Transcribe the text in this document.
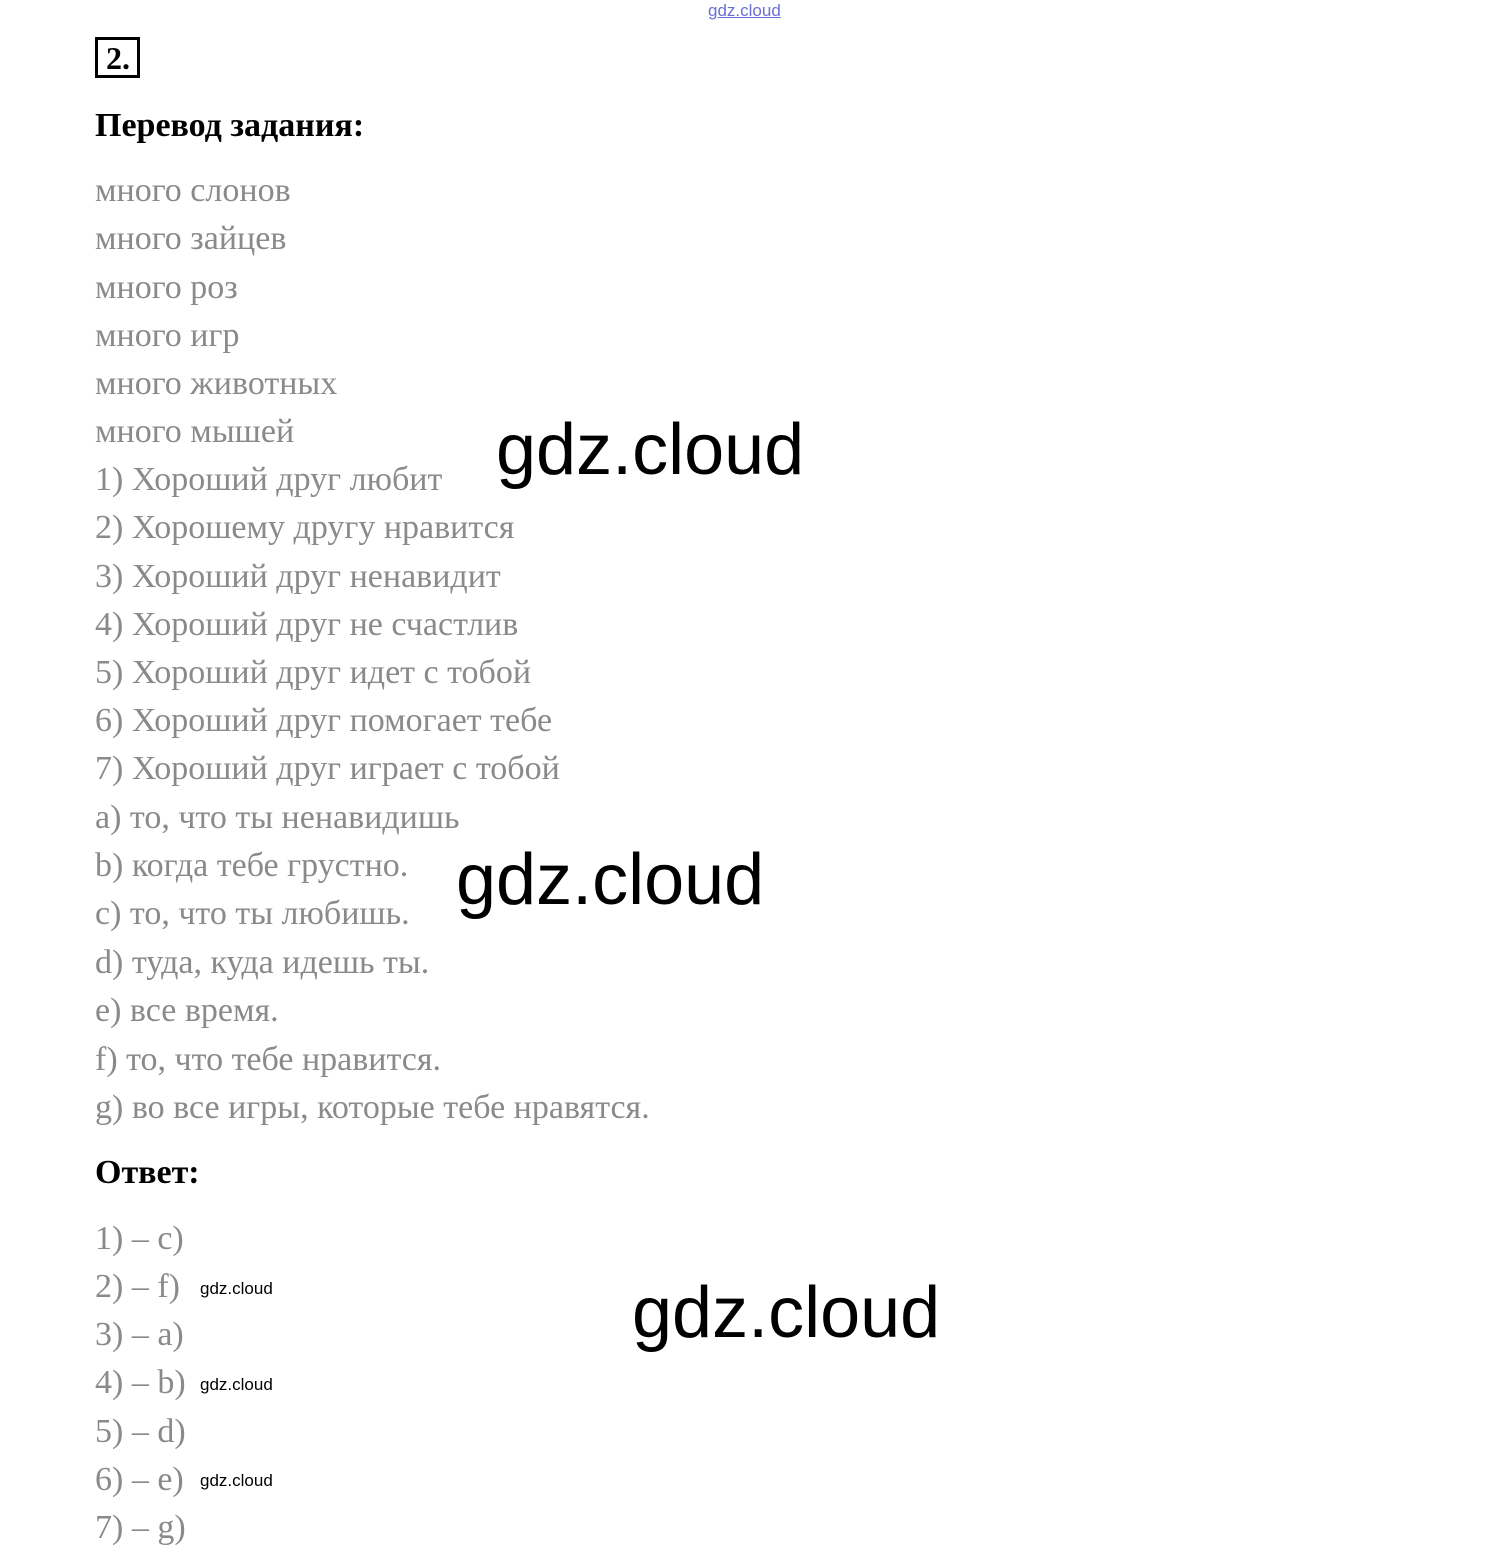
gdz.cloud
2.
Перевод задания:
много слонов
много зайцев
много роз
много игр
много животных
много мышей
1) Хороший друг любит
2) Хорошему другу нравится
3) Хороший друг ненавидит
4) Хороший друг не счастлив
5) Хороший друг идет с тобой
6) Хороший друг помогает тебе
7) Хороший друг играет с тобой
a) то, что ты ненавидишь
b) когда тебе грустно.
c) то, что ты любишь.
d) туда, куда идешь ты.
e) все время.
f) то, что тебе нравится.
g) во все игры, которые тебе нравятся.
Ответ:
1) – c)
2) – f)
3) – a)
4) – b)
5) – d)
6) – e)
7) – g)
gdz.cloud
gdz.cloud
gdz.cloud
gdz.cloud
gdz.cloud
gdz.cloud
